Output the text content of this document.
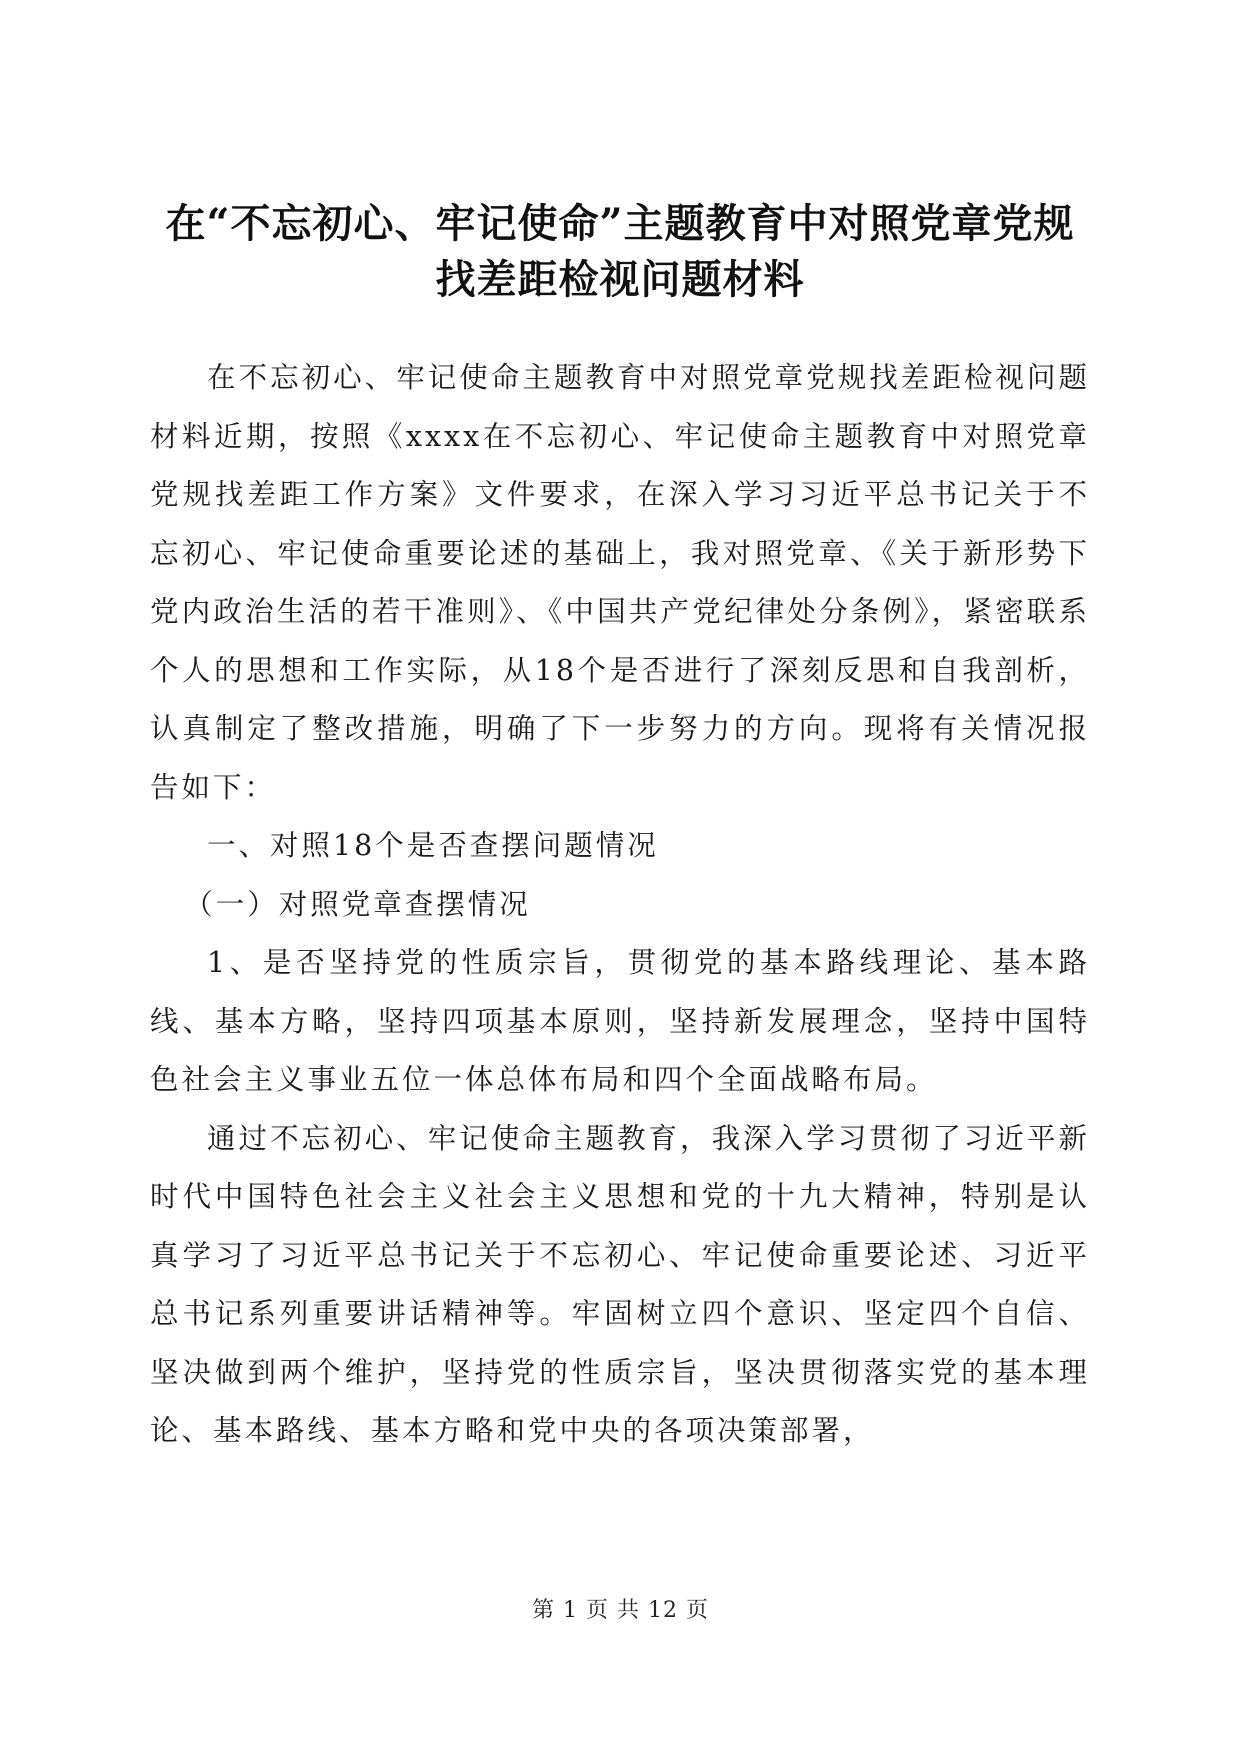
在“不忘初心、牢记使命”主题教育中对照党章党规找差距检视问题材料

在不忘初心、牢记使命主题教育中对照党章党规找差距检视问题材料近期，按照《xxxx在不忘初心、牢记使命主题教育中对照党章党规找差距工作方案》文件要求，在深入学习习近平总书记关于不忘初心、牢记使命重要论述的基础上，我对照党章、《关于新形势下党内政治生活的若干准则》、《中国共产党纪律处分条例》，紧密联系个人的思想和工作实际，从18个是否进行了深刻反思和自我剖析，认真制定了整改措施，明确了下一步努力的方向。现将有关情况报告如下：

一、对照18个是否查摆问题情况

（一）对照党章查摆情况

1、是否坚持党的性质宗旨，贯彻党的基本路线理论、基本路线、基本方略，坚持四项基本原则，坚持新发展理念，坚持中国特色社会主义事业五位一体总体布局和四个全面战略布局。

通过不忘初心、牢记使命主题教育，我深入学习贯彻了习近平新时代中国特色社会主义社会主义思想和党的十九大精神，特别是认真学习了习近平总书记关于不忘初心、牢记使命重要论述、习近平总书记系列重要讲话精神等。牢固树立四个意识、坚定四个自信、坚决做到两个维护，坚持党的性质宗旨，坚决贯彻落实党的基本理论、基本路线、基本方略和党中央的各项决策部署，

第 1 页 共 12 页
